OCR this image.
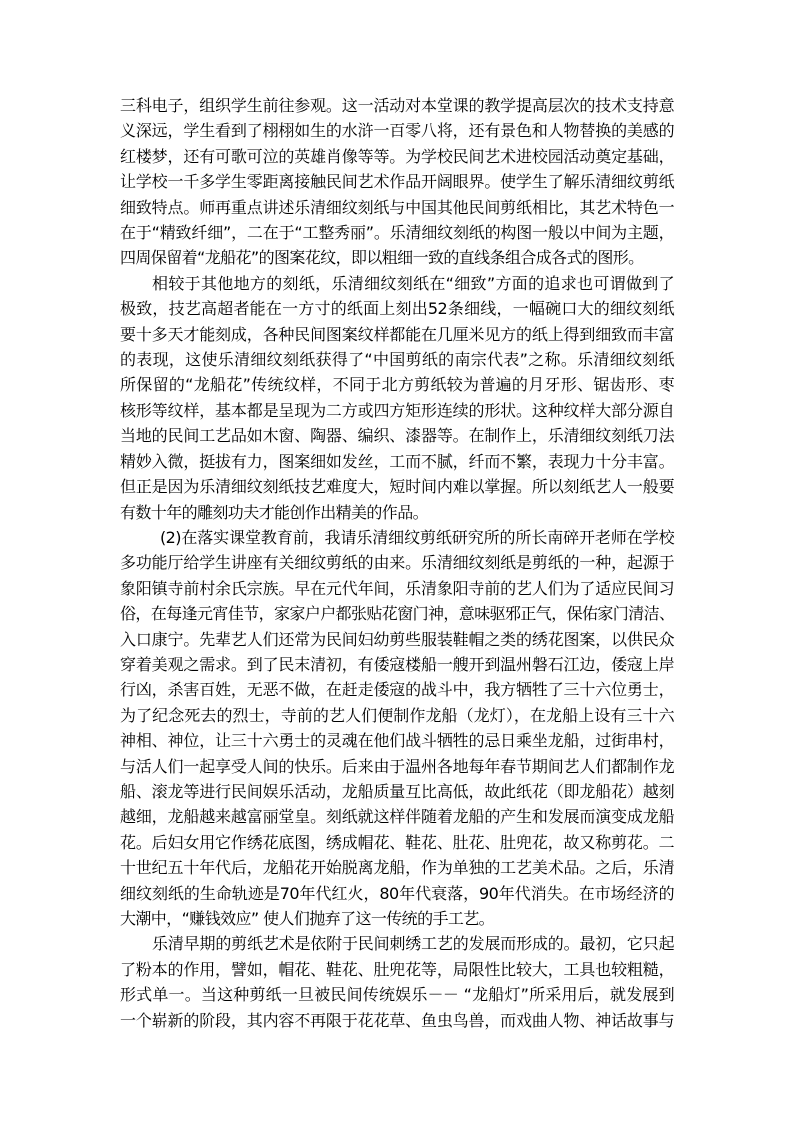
三科电子，组织学生前往参观。这一活动对本堂课的教学提高层次的技术支持意
义深远，学生看到了栩栩如生的水浒一百零八将，还有景色和人物替换的美感的
红楼梦，还有可歌可泣的英雄肖像等等。为学校民间艺术进校园活动奠定基础，
让学校一千多学生零距离接触民间艺术作品开阔眼界。使学生了解乐清细纹剪纸
细致特点。师再重点讲述乐清细纹刻纸与中国其他民间剪纸相比，其艺术特色一
在于“精致纤细”，二在于“工整秀丽”。乐清细纹刻纸的构图一般以中间为主题，
四周保留着“龙船花”的图案花纹，即以粗细一致的直线条组合成各式的图形。
相较于其他地方的刻纸，乐清细纹刻纸在“细致”方面的追求也可谓做到了
极致，技艺高超者能在一方寸的纸面上刻出52条细线，一幅碗口大的细纹刻纸
要十多天才能刻成，各种民间图案纹样都能在几厘米见方的纸上得到细致而丰富
的表现，这使乐清细纹刻纸获得了“中国剪纸的南宗代表”之称。乐清细纹刻纸
所保留的“龙船花”传统纹样，不同于北方剪纸较为普遍的月牙形、锯齿形、枣
核形等纹样，基本都是呈现为二方或四方矩形连续的形状。这种纹样大部分源自
当地的民间工艺品如木窗、陶器、编织、漆器等。在制作上，乐清细纹刻纸刀法
精妙入微，挺拔有力，图案细如发丝，工而不腻，纤而不繁，表现力十分丰富。
但正是因为乐清细纹刻纸技艺难度大，短时间内难以掌握。所以刻纸艺人一般要
有数十年的雕刻功夫才能创作出精美的作品。
(2)在落实课堂教育前，我请乐清细纹剪纸研究所的所长南碎开老师在学校
多功能厅给学生讲座有关细纹剪纸的由来。乐清细纹刻纸是剪纸的一种，起源于
象阳镇寺前村余氏宗族。早在元代年间，乐清象阳寺前的艺人们为了适应民间习
俗，在每逢元宵佳节，家家户户都张贴花窗门神，意味驱邪正气，保佑家门清洁、
入口康宁。先辈艺人们还常为民间妇幼剪些服装鞋帽之类的绣花图案，以供民众
穿着美观之需求。到了民末清初，有倭寇楼船一艘开到温州磐石江边，倭寇上岸
行凶，杀害百姓，无恶不做，在赶走倭寇的战斗中，我方牺牲了三十六位勇士，
为了纪念死去的烈士，寺前的艺人们便制作龙船（龙灯），在龙船上设有三十六
神相、神位，让三十六勇士的灵魂在他们战斗牺牲的忌日乘坐龙船，过街串村，
与活人们一起享受人间的快乐。后来由于温州各地每年春节期间艺人们都制作龙
船、滚龙等进行民间娱乐活动，龙船质量互比高低，故此纸花（即龙船花）越刻
越细，龙船越来越富丽堂皇。刻纸就这样伴随着龙船的产生和发展而演变成龙船
花。后妇女用它作绣花底图，绣成帽花、鞋花、肚花、肚兜花，故又称剪花。二
十世纪五十年代后，龙船花开始脱离龙船，作为单独的工艺美术品。之后，乐清
细纹刻纸的生命轨迹是70年代红火，80年代衰落，90年代消失。在市场经济的
大潮中，“赚钱效应” 使人们抛弃了这一传统的手工艺。
乐清早期的剪纸艺术是依附于民间刺绣工艺的发展而形成的。最初，它只起
了粉本的作用，譬如，帽花、鞋花、肚兜花等，局限性比较大，工具也较粗糙，
形式单一。当这种剪纸一旦被民间传统娱乐－－ “龙船灯”所采用后，就发展到
一个崭新的阶段，其内容不再限于花花草、鱼虫鸟兽，而戏曲人物、神话故事与
